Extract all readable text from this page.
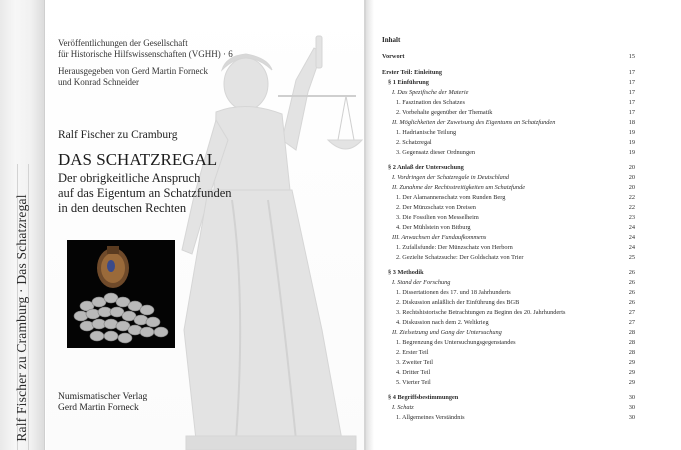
Ralf Fischer zu Cramburg · Das Schatzregal
Veröffentlichungen der Gesellschaft
für Historische Hilfswissenschaften (VGHH) · 6
Herausgegeben von Gerd Martin Forneck
und Konrad Schneider
Ralf Fischer zu Cramburg
DAS SCHATZREGAL
Der obrigkeitliche Anspruch
auf das Eigentum an Schatzfunden
in den deutschen Rechten
Numismatischer Verlag
Gerd Martin Forneck
Inhalt
Vorwort	15
Erster Teil: Einleitung	17
§ 1 Einführung	17
I. Das Spezifische der Materie	17
1. Faszination des Schatzes	17
2. Vorbehalte gegenüber der Thematik	17
II. Möglichkeiten der Zuweisung des Eigentums an Schatzfunden	18
1. Hadrianische Teilung	19
2. Schatzregal	19
3. Gegensatz dieser Ordnungen	19
§ 2 Anlaß der Untersuchung	20
I. Vordringen der Schatzregale in Deutschland	20
II. Zunahme der Rechtsstreitigkeiten um Schatzfunde	20
1. Der Alamannenschatz vom Runden Berg	22
2. Der Münzschatz von Dreisen	22
3. Die Fossilien von Messelheim	23
4. Der Mühlstein von Bitburg	24
III. Anwachsen der Fundaufkommens	24
1. Zufallsfunde: Der Münzschatz von Herborn	24
2. Gezielte Schatzsuche: Der Goldschatz von Trier	25
§ 3 Methodik	26
I. Stand der Forschung	26
1. Dissertationen des 17. und 18 Jahrhunderts	26
2. Diskussion anläßlich der Einführung des BGB	26
3. Rechtshistorische Betrachtungen zu Beginn des 20. Jahrhunderts	27
4. Diskussion nach dem 2. Weltkrieg	27
II. Zielsetzung und Gang der Untersuchung	28
1. Begrenzung des Untersuchungsgegenstandes	28
2. Erster Teil	28
3. Zweiter Teil	29
4. Dritter Teil	29
5. Vierter Teil	29
§ 4 Begriffsbestimmungen	30
I. Schatz	30
1. Allgemeines Verständnis	30
